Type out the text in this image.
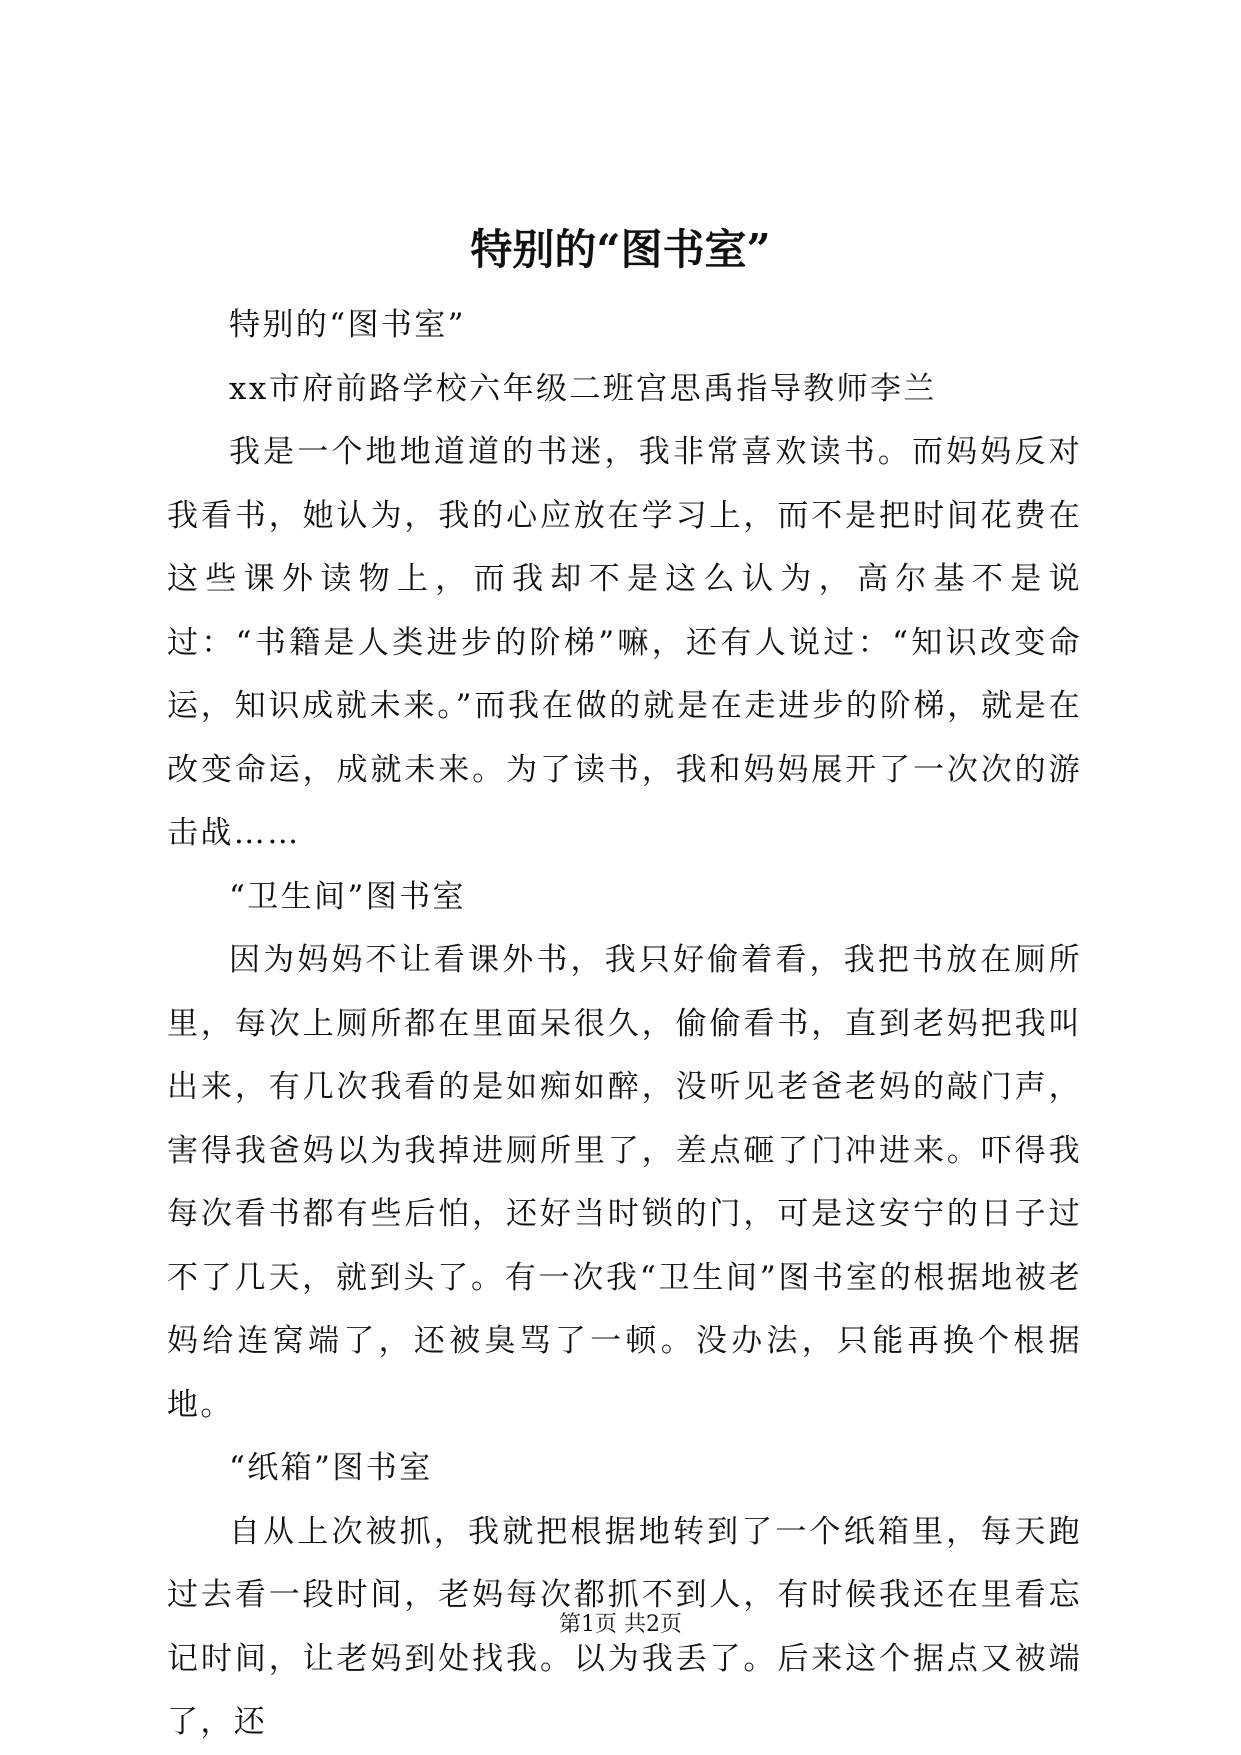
特别的“图书室”

特别的“图书室”

xx市府前路学校六年级二班宫思禹指导教师李兰

我是一个地地道道的书迷，我非常喜欢读书。而妈妈反对我看书，她认为，我的心应放在学习上，而不是把时间花费在这些课外读物上，而我却不是这么认为，高尔基不是说过：“书籍是人类进步的阶梯”嘛，还有人说过：“知识改变命运，知识成就未来。”而我在做的就是在走进步的阶梯，就是在改变命运，成就未来。为了读书，我和妈妈展开了一次次的游击战……

“卫生间”图书室

因为妈妈不让看课外书，我只好偷着看，我把书放在厕所里，每次上厕所都在里面呆很久，偷偷看书，直到老妈把我叫出来，有几次我看的是如痴如醉，没听见老爸老妈的敲门声，害得我爸妈以为我掉进厕所里了，差点砸了门冲进来。吓得我每次看书都有些后怕，还好当时锁的门，可是这安宁的日子过不了几天，就到头了。有一次我“卫生间”图书室的根据地被老妈给连窝端了，还被臭骂了一顿。没办法，只能再换个根据地。

“纸箱”图书室

自从上次被抓，我就把根据地转到了一个纸箱里，每天跑过去看一段时间，老妈每次都抓不到人，有时候我还在里看忘记时间，让老妈到处找我。以为我丢了。后来这个据点又被端了，还

第1页 共2页
